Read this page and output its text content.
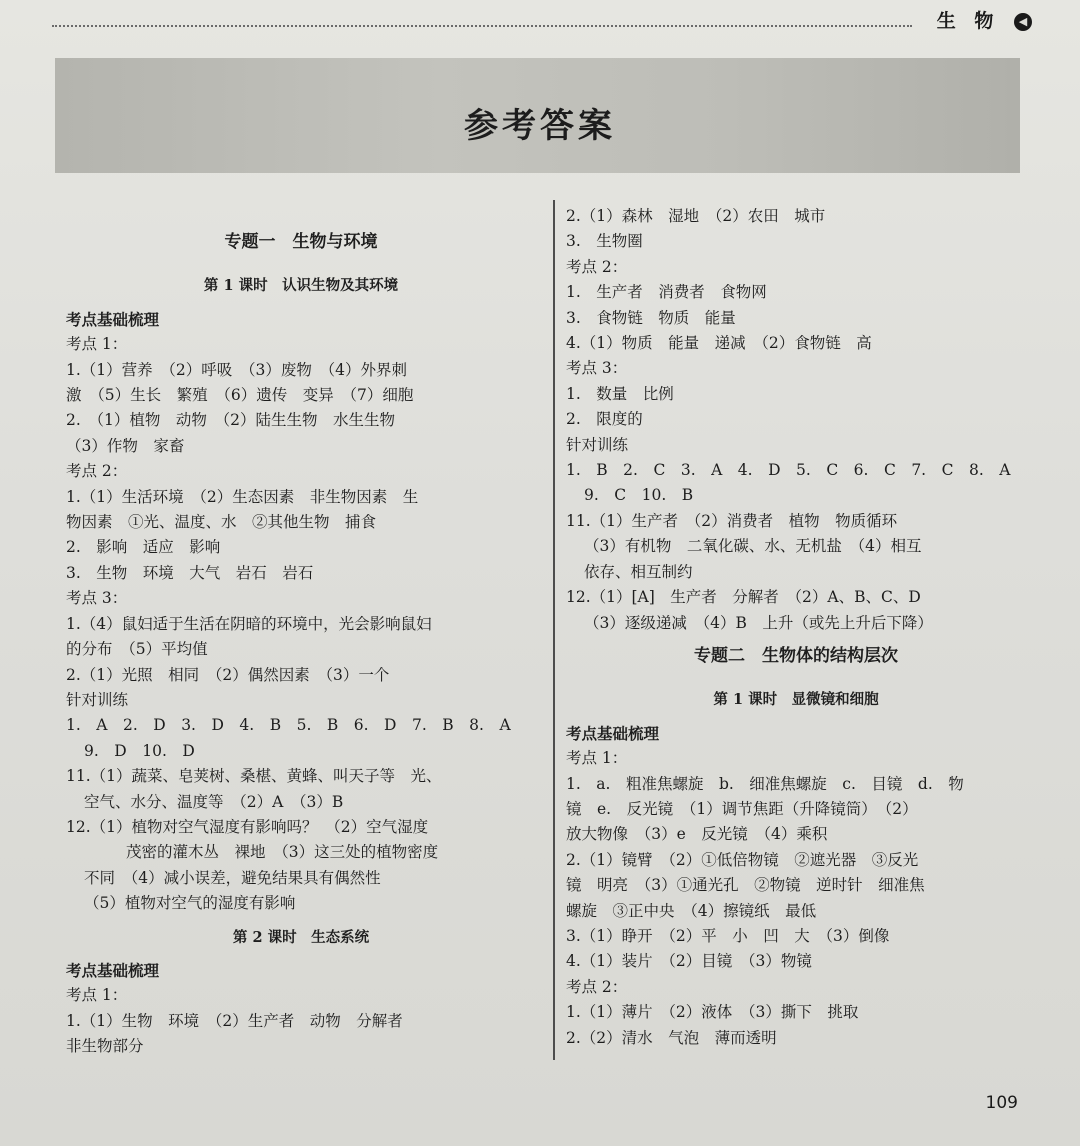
生 物 ◀
参考答案

专题一　生物与环境

第 1 课时　认识生物及其环境

考点基础梳理

考点 1：

1.（1）营养　（2）呼吸　（3）废物　（4）外界刺

激　（5）生长　繁殖　（6）遗传　变异　（7）细胞

2.　（1）植物　动物　（2）陆生生物　水生生物

（3）作物　家畜

考点 2：

1.（1）生活环境　（2）生态因素　非生物因素　生

物因素　①光、温度、水　②其他生物　捕食

2.　影响　适应　影响

3.　生物　环境　大气　岩石　岩石

考点 3：

1.（4）鼠妇适于生活在阴暗的环境中，光会影响鼠妇

的分布　（5）平均值

2.（1）光照　相同　（2）偶然因素　（3）一个

针对训练

1.　A　2.　D　3.　D　4.　B　5.　B　6.　D　7.　B　8.　A

9.　D　10.　D

11.（1）蔬菜、皂荚树、桑椹、黄蜂、叫天子等　光、

空气、水分、温度等　（2）A　（3）B

12.（1）植物对空气湿度有影响吗？　（2）空气湿度

茂密的灌木丛　裸地　（3）这三处的植物密度

不同　（4）减小误差，避免结果具有偶然性

（5）植物对空气的湿度有影响

第 2 课时　生态系统

考点基础梳理

考点 1：

1.（1）生物　环境　（2）生产者　动物　分解者

非生物部分

2.（1）森林　湿地　（2）农田　城市

3.　生物圈

考点 2：

1.　生产者　消费者　食物网

3.　食物链　物质　能量

4.（1）物质　能量　递减　（2）食物链　高

考点 3：

1.　数量　比例

2.　限度的

针对训练

1.　B　2.　C　3.　A　4.　D　5.　C　6.　C　7.　C　8.　A

9.　C　10.　B

11.（1）生产者　（2）消费者　植物　物质循环

（3）有机物　二氧化碳、水、无机盐　（4）相互

依存、相互制约

12.（1）[A]　生产者　分解者　（2）A、B、C、D

（3）逐级递减　（4）B　上升（或先上升后下降）

专题二　生物体的结构层次

第 1 课时　显微镜和细胞

考点基础梳理

考点 1：

1.　a.　粗准焦螺旋　b.　细准焦螺旋　c.　目镜　d.　物

镜　e.　反光镜　（1）调节焦距（升降镜筒）　（2）

放大物像　（3）e　反光镜　（4）乘积

2.（1）镜臂　（2）①低倍物镜　②遮光器　③反光

镜　明亮　（3）①通光孔　②物镜　逆时针　细准焦

螺旋　③正中央　（4）擦镜纸　最低

3.（1）睁开　（2）平　小　凹　大　（3）倒像

4.（1）装片　（2）目镜　（3）物镜

考点 2：

1.（1）薄片　（2）液体　（3）撕下　挑取

2.（2）清水　气泡　薄而透明

109
